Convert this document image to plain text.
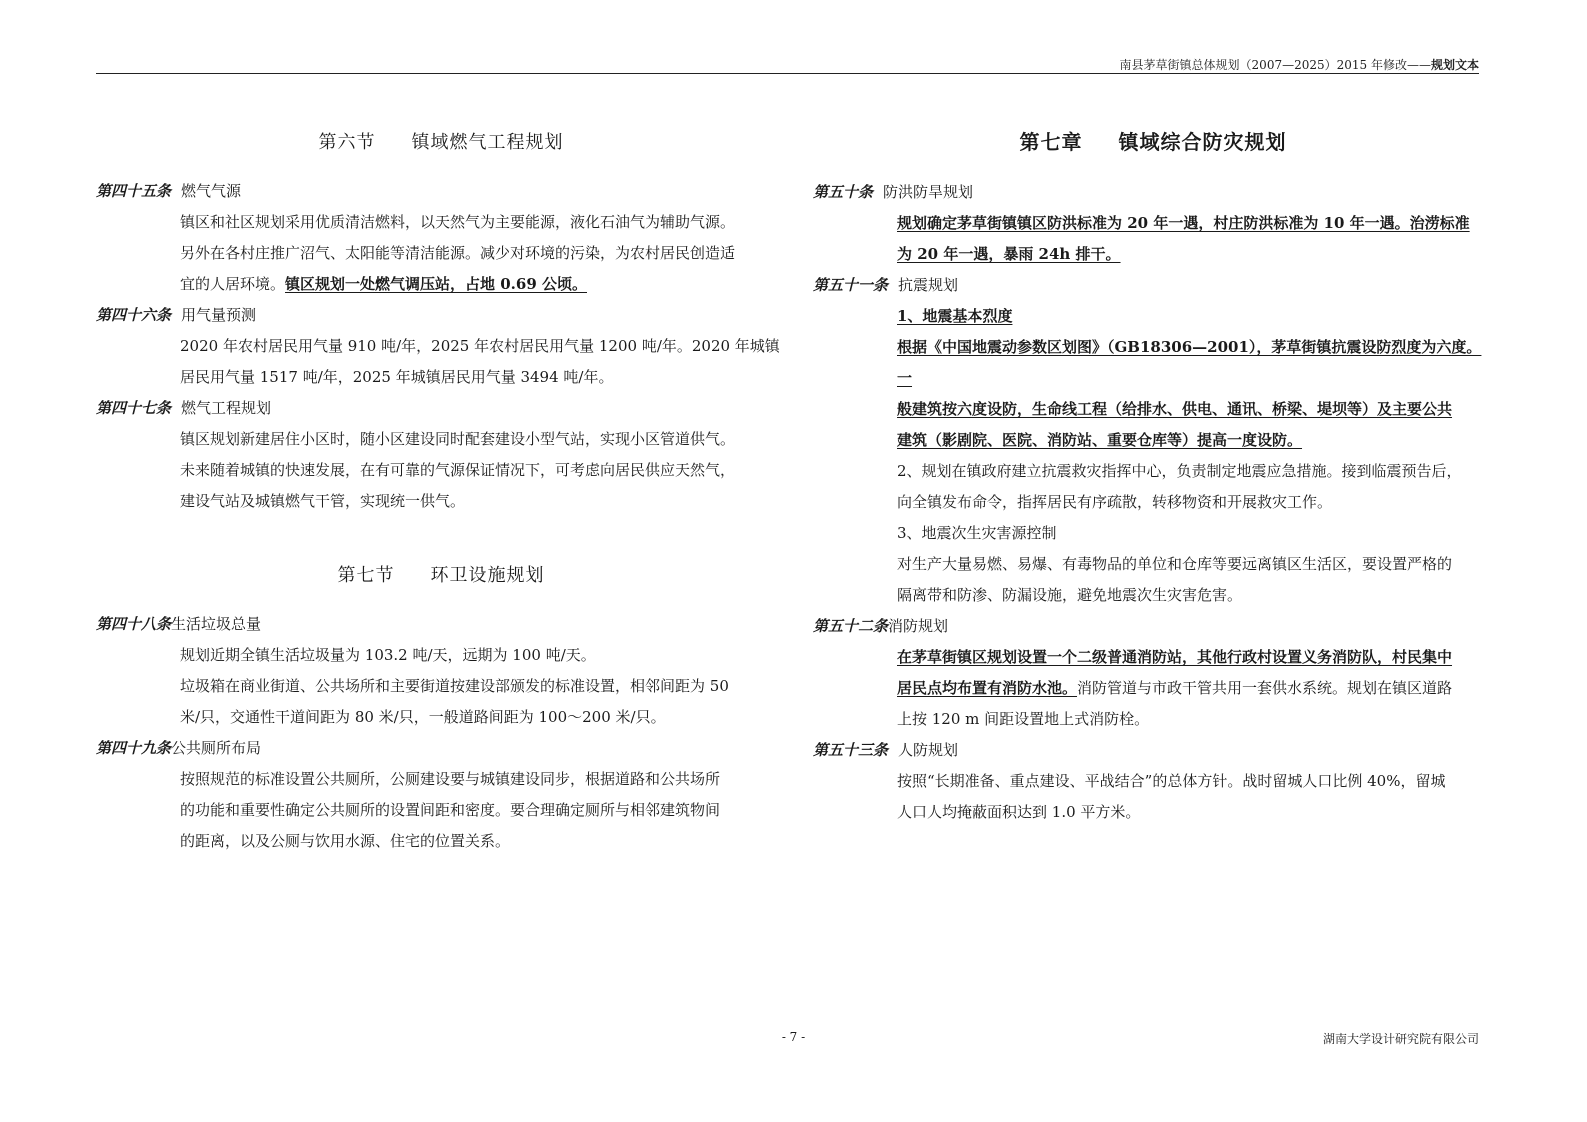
南县茅草街镇总体规划（2007—2025）2015 年修改——规划文本
第六节 镇域燃气工程规划
第四十五条 燃气气源
镇区和社区规划采用优质清洁燃料，以天然气为主要能源，液化石油气为辅助气源。
另外在各村庄推广沼气、太阳能等清洁能源。减少对环境的污染，为农村居民创造适
宜的人居环境。镇区规划一处燃气调压站，占地 0.69 公顷。
第四十六条 用气量预测
2020 年农村居民用气量 910 吨/年，2025 年农村居民用气量 1200 吨/年。2020 年城镇
居民用气量 1517 吨/年，2025 年城镇居民用气量 3494 吨/年。
第四十七条 燃气工程规划
镇区规划新建居住小区时，随小区建设同时配套建设小型气站，实现小区管道供气。
未来随着城镇的快速发展，在有可靠的气源保证情况下，可考虑向居民供应天然气，
建设气站及城镇燃气干管，实现统一供气。
第七节 环卫设施规划
第四十八条生活垃圾总量
规划近期全镇生活垃圾量为 103.2 吨/天，远期为 100 吨/天。
垃圾箱在商业街道、公共场所和主要街道按建设部颁发的标准设置，相邻间距为 50
米/只，交通性干道间距为 80 米/只，一般道路间距为 100～200 米/只。
第四十九条公共厕所布局
按照规范的标准设置公共厕所，公厕建设要与城镇建设同步，根据道路和公共场所
的功能和重要性确定公共厕所的设置间距和密度。要合理确定厕所与相邻建筑物间
的距离，以及公厕与饮用水源、住宅的位置关系。
第七章 镇域综合防灾规划
第五十条 防洪防旱规划
规划确定茅草街镇镇区防洪标准为 20 年一遇，村庄防洪标准为 10 年一遇。治涝标准
为 20 年一遇，暴雨 24h 排干。
第五十一条 抗震规划
1、地震基本烈度
根据《中国地震动参数区划图》（GB18306—2001），茅草街镇抗震设防烈度为六度。一
般建筑按六度设防，生命线工程（给排水、供电、通讯、桥梁、堤坝等）及主要公共
建筑（影剧院、医院、消防站、重要仓库等）提高一度设防。
2、规划在镇政府建立抗震救灾指挥中心，负责制定地震应急措施。接到临震预告后，
向全镇发布命令，指挥居民有序疏散，转移物资和开展救灾工作。
3、地震次生灾害源控制
对生产大量易燃、易爆、有毒物品的单位和仓库等要远离镇区生活区，要设置严格的
隔离带和防渗、防漏设施，避免地震次生灾害危害。
第五十二条消防规划
在茅草街镇区规划设置一个二级普通消防站，其他行政村设置义务消防队，村民集中
居民点均布置有消防水池。消防管道与市政干管共用一套供水系统。规划在镇区道路
上按 120 m 间距设置地上式消防栓。
第五十三条 人防规划
按照“长期准备、重点建设、平战结合”的总体方针。战时留城人口比例 40%，留城
人口人均掩蔽面积达到 1.0 平方米。
- 7 -	湖南大学设计研究院有限公司
